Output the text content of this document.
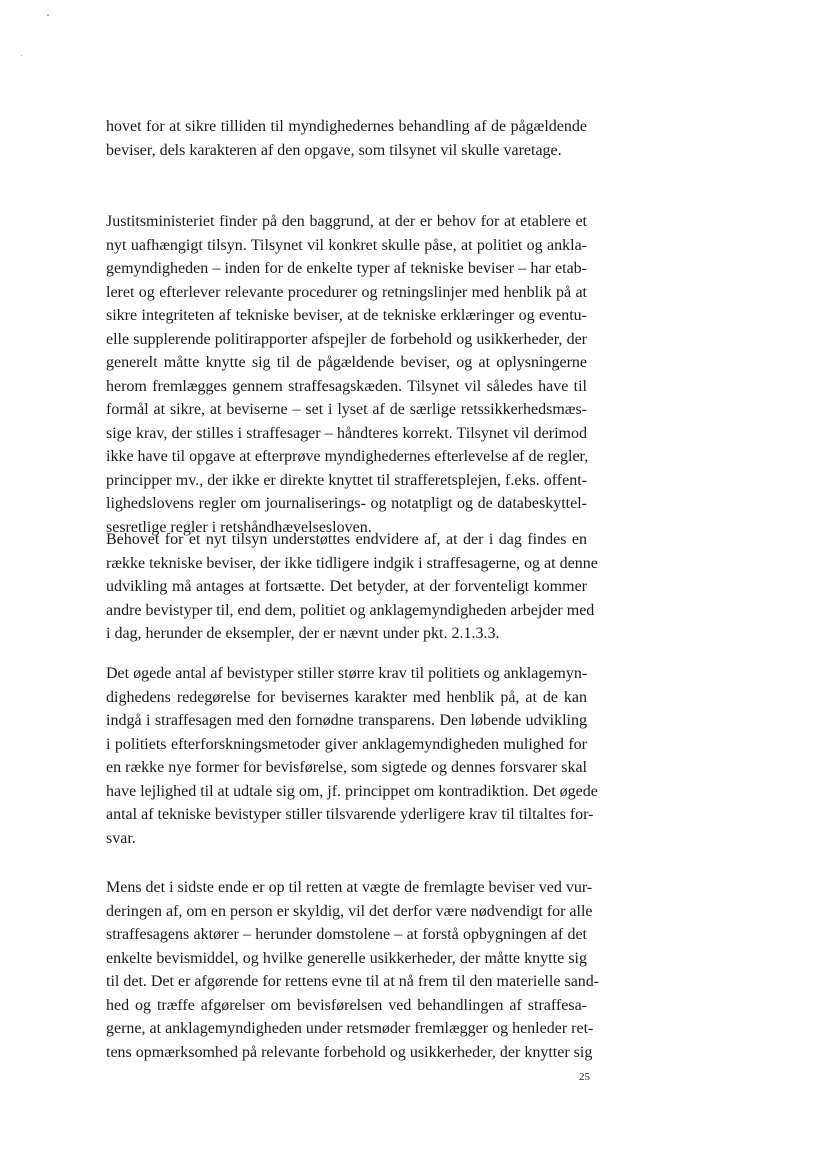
hovet for at sikre tilliden til myndighedernes behandling af de pågældende
beviser, dels karakteren af den opgave, som tilsynet vil skulle varetage.
Justitsministeriet finder på den baggrund, at der er behov for at etablere et
nyt uafhængigt tilsyn. Tilsynet vil konkret skulle påse, at politiet og ankla-
gemyndigheden – inden for de enkelte typer af tekniske beviser – har etab-
leret og efterlever relevante procedurer og retningslinjer med henblik på at
sikre integriteten af tekniske beviser, at de tekniske erklæringer og eventu-
elle supplerende politirapporter afspejler de forbehold og usikkerheder, der
generelt måtte knytte sig til de pågældende beviser, og at oplysningerne
herom fremlægges gennem straffesagskæden. Tilsynet vil således have til
formål at sikre, at beviserne – set i lyset af de særlige retssikkerhedsmæs-
sige krav, der stilles i straffesager – håndteres korrekt. Tilsynet vil derimod
ikke have til opgave at efterprøve myndighedernes efterlevelse af de regler,
principper mv., der ikke er direkte knyttet til strafferetsplejen, f.eks. offent-
lighedslovens regler om journaliserings- og notatpligt og de databeskyttel-
sesretlige regler i retshåndhævelsesloven.
Behovet for et nyt tilsyn understøttes endvidere af, at der i dag findes en
række tekniske beviser, der ikke tidligere indgik i straffesagerne, og at denne
udvikling må antages at fortsætte. Det betyder, at der forventeligt kommer
andre bevistyper til, end dem, politiet og anklagemyndigheden arbejder med
i dag, herunder de eksempler, der er nævnt under pkt. 2.1.3.3.
Det øgede antal af bevistyper stiller større krav til politiets og anklagemyn-
dighedens redegørelse for bevisernes karakter med henblik på, at de kan
indgå i straffesagen med den fornødne transparens. Den løbende udvikling
i politiets efterforskningsmetoder giver anklagemyndigheden mulighed for
en række nye former for bevisførelse, som sigtede og dennes forsvarer skal
have lejlighed til at udtale sig om, jf. princippet om kontradiktion. Det øgede
antal af tekniske bevistyper stiller tilsvarende yderligere krav til tiltaltes for-
svar.
Mens det i sidste ende er op til retten at vægte de fremlagte beviser ved vur-
deringen af, om en person er skyldig, vil det derfor være nødvendigt for alle
straffesagens aktører – herunder domstolene – at forstå opbygningen af det
enkelte bevismiddel, og hvilke generelle usikkerheder, der måtte knytte sig
til det. Det er afgørende for rettens evne til at nå frem til den materielle sand-
hed og træffe afgørelser om bevisførelsen ved behandlingen af straffesa-
gerne, at anklagemyndigheden under retsmøder fremlægger og henleder ret-
tens opmærksomhed på relevante forbehold og usikkerheder, der knytter sig
25
